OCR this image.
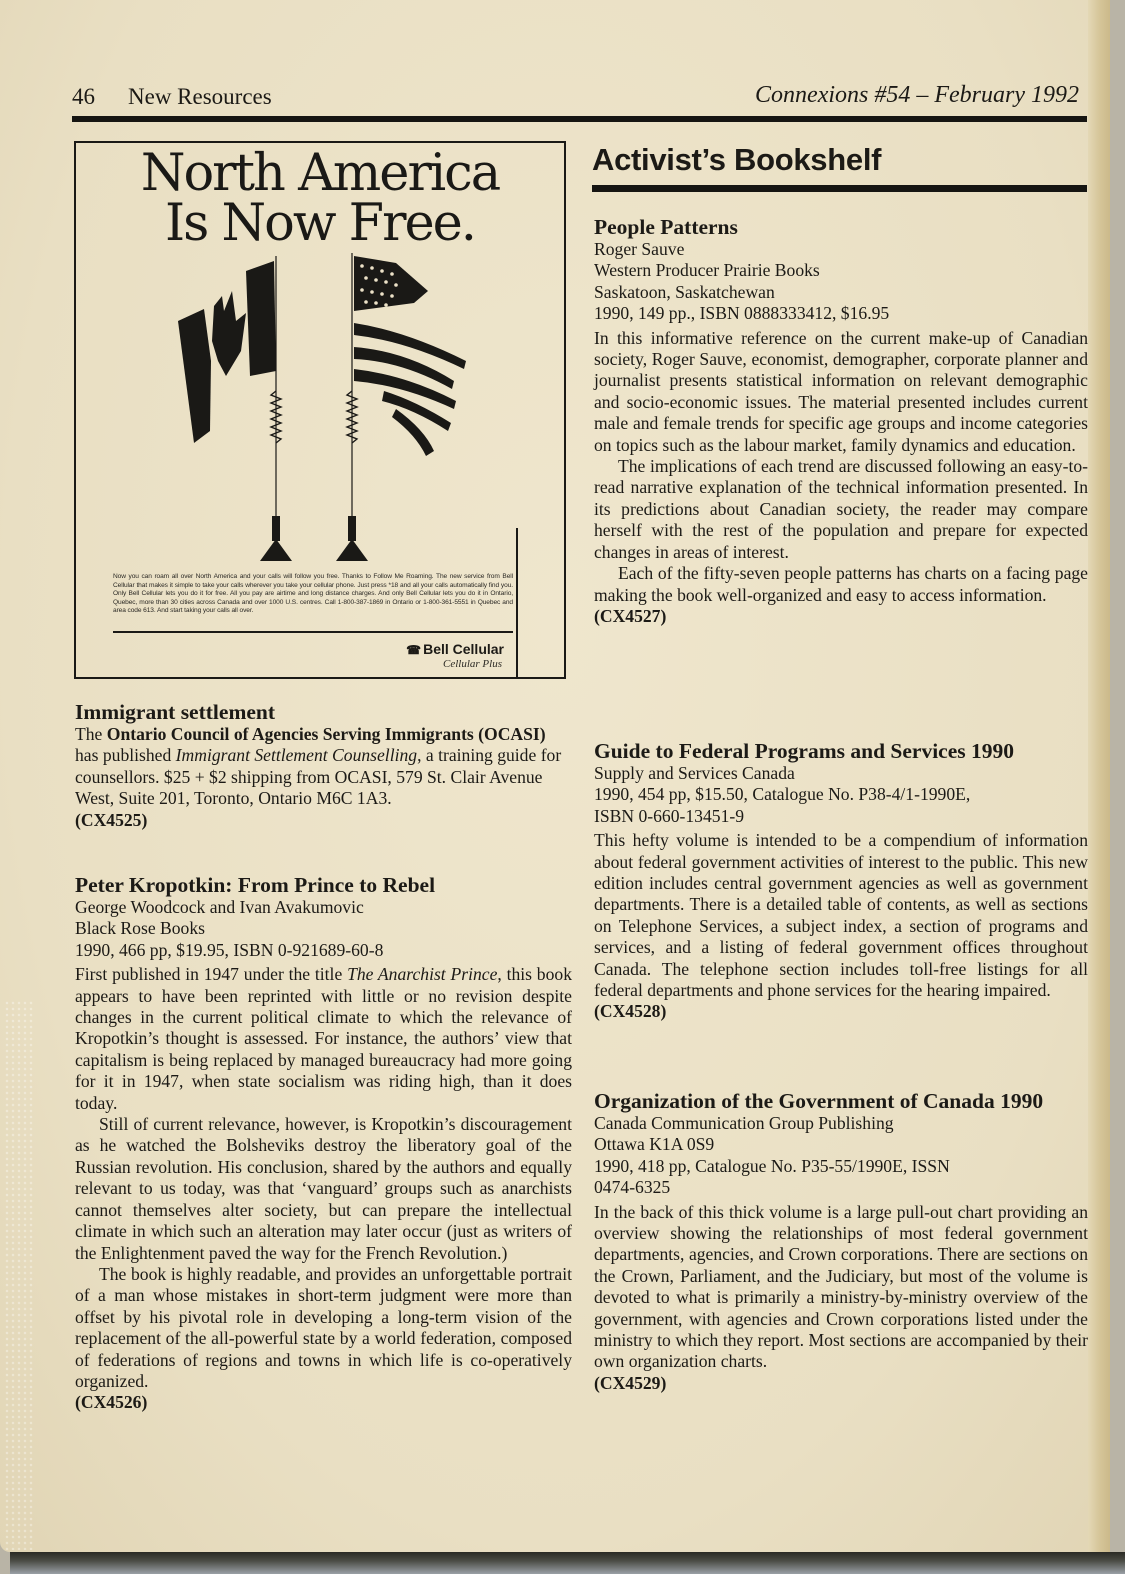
46 New Resources	Connexions #54 – February 1992
North America
Is Now Free.
Now you can roam all over North America and your calls will follow you free. Thanks to Follow Me Roaming. The new service from Bell Cellular that makes it simple to take your calls wherever you take your cellular phone. Just press *18 and all your calls automatically find you. Only Bell Cellular lets you do it for free. All you pay are airtime and long distance charges. And only Bell Cellular lets you do it in Ontario, Quebec, more than 30 cities across Canada and over 1000 U.S. centres. Call 1-800-387-1869 in Ontario or 1-800-361-5551 in Quebec and area code 613. And start taking your calls all over.
☎ Bell Cellular
Cellular Plus
Immigrant settlement

The Ontario Council of Agencies Serving Immigrants (OCASI) has published Immigrant Settlement Counselling, a training guide for counsellors. $25 + $2 shipping from OCASI, 579 St. Clair Avenue West, Suite 201, Toronto, Ontario M6C 1A3.

(CX4525)
Peter Kropotkin: From Prince to Rebel
George Woodcock and Ivan Avakumovic
Black Rose Books
1990, 466 pp, $19.95, ISBN 0-921689-60-8

First published in 1947 under the title The Anarchist Prince, this book appears to have been reprinted with little or no revision despite changes in the current political climate to which the relevance of Kropotkin’s thought is assessed. For instance, the authors’ view that capitalism is being replaced by managed bureaucracy had more going for it in 1947, when state socialism was riding high, than it does today.

Still of current relevance, however, is Kropotkin’s discouragement as he watched the Bolsheviks destroy the liberatory goal of the Russian revolution. His conclusion, shared by the authors and equally relevant to us today, was that ‘vanguard’ groups such as anarchists cannot themselves alter society, but can prepare the intellectual climate in which such an alteration may later occur (just as writers of the Enlightenment paved the way for the French Revolution.)

The book is highly readable, and provides an unforgettable portrait of a man whose mistakes in short-term judgment were more than offset by his pivotal role in developing a long-term vision of the replacement of the all-powerful state by a world federation, composed of federations of regions and towns in which life is co-operatively organized.

(CX4526)
Activist’s Bookshelf
People Patterns
Roger Sauve
Western Producer Prairie Books
Saskatoon, Saskatchewan
1990, 149 pp., ISBN 0888333412, $16.95

In this informative reference on the current make-up of Canadian society, Roger Sauve, economist, demographer, corporate planner and journalist presents statistical information on relevant demographic and socio-economic issues. The material presented includes current male and female trends for specific age groups and income categories on topics such as the labour market, family dynamics and education.

The implications of each trend are discussed following an easy-to-read narrative explanation of the technical information presented. In its predictions about Canadian society, the reader may compare herself with the rest of the population and prepare for expected changes in areas of interest.

Each of the fifty-seven people patterns has charts on a facing page making the book well-organized and easy to access information.

(CX4527)
Guide to Federal Programs and Services 1990
Supply and Services Canada
1990, 454 pp, $15.50, Catalogue No. P38-4/1-1990E,
ISBN 0-660-13451-9

This hefty volume is intended to be a compendium of information about federal government activities of interest to the public. This new edition includes central government agencies as well as government departments. There is a detailed table of contents, as well as sections on Telephone Services, a subject index, a section of programs and services, and a listing of federal government offices throughout Canada. The telephone section includes toll-free listings for all federal departments and phone services for the hearing impaired.

(CX4528)
Organization of the Government of Canada 1990
Canada Communication Group Publishing
Ottawa K1A 0S9
1990, 418 pp, Catalogue No. P35-55/1990E, ISSN
0474-6325

In the back of this thick volume is a large pull-out chart providing an overview showing the relationships of most federal government departments, agencies, and Crown corporations. There are sections on the Crown, Parliament, and the Judiciary, but most of the volume is devoted to what is primarily a ministry-by-ministry overview of the government, with agencies and Crown corporations listed under the ministry to which they report. Most sections are accompanied by their own organization charts.

(CX4529)
